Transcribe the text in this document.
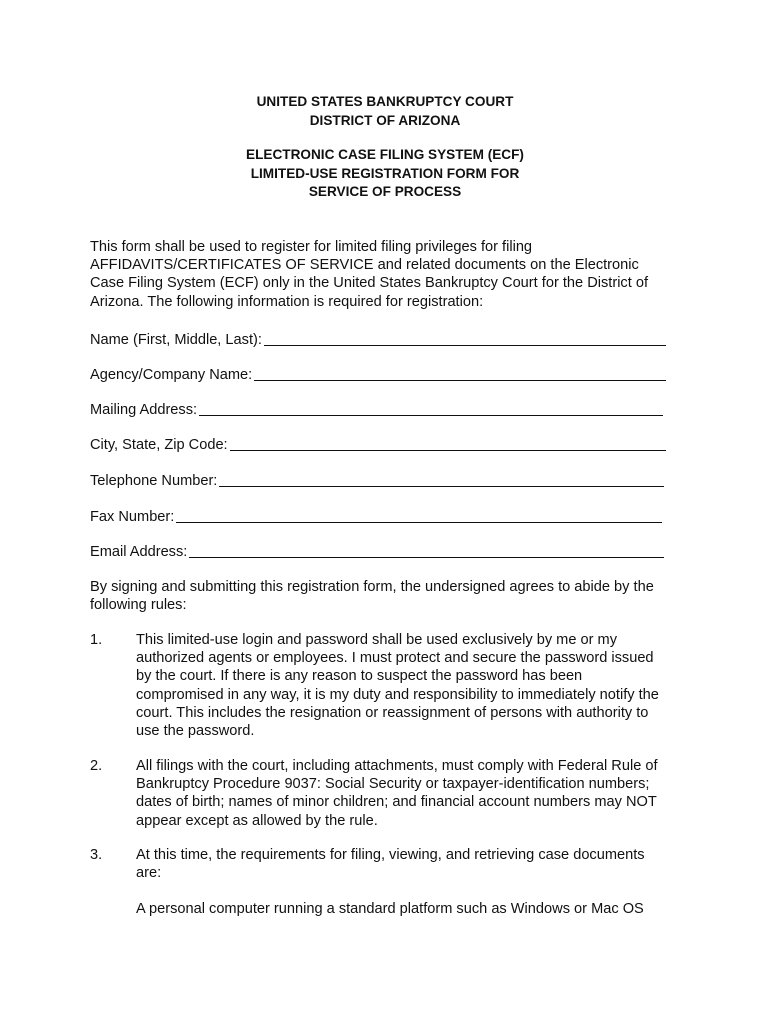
UNITED STATES BANKRUPTCY COURT
DISTRICT OF ARIZONA
ELECTRONIC CASE FILING SYSTEM (ECF)
LIMITED-USE REGISTRATION FORM FOR
SERVICE OF PROCESS
This form shall be used to register for limited filing privileges for filing
AFFIDAVITS/CERTIFICATES OF SERVICE and related documents on the Electronic
Case Filing System (ECF) only in the United States Bankruptcy Court for the District of
Arizona. The following information is required for registration:
Name (First, Middle, Last):
Agency/Company Name:
Mailing Address:
City, State, Zip Code:
Telephone Number:
Fax Number:
Email Address:
By signing and submitting this registration form, the undersigned agrees to abide by the
following rules:
1. This limited-use login and password shall be used exclusively by me or my
authorized agents or employees. I must protect and secure the password issued
by the court. If there is any reason to suspect the password has been
compromised in any way, it is my duty and responsibility to immediately notify the
court. This includes the resignation or reassignment of persons with authority to
use the password.
2. All filings with the court, including attachments, must comply with Federal Rule of
Bankruptcy Procedure 9037: Social Security or taxpayer-identification numbers;
dates of birth; names of minor children; and financial account numbers may NOT
appear except as allowed by the rule.
3. At this time, the requirements for filing, viewing, and retrieving case documents
are:
A personal computer running a standard platform such as Windows or Mac OS
